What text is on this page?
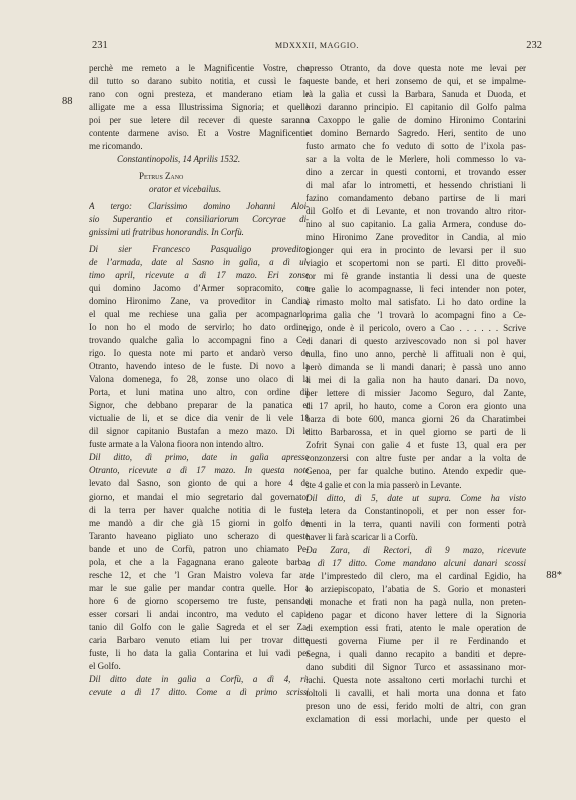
231	MDXXXII, MAGGIO.	232
88
88*
perchè me remeto a le Magnificentie Vostre, che
dil tutto so darano subito notitia, et cussì le fa-
rano con ogni presteza, et manderano etiam le
alligate me a essa Illustrissima Signoria; et quelle
poi per sue letere dil recever di queste saranno
contente darmene aviso. Et a Vostre Magnificentie
me ricomando.
Constantinopolis, 14 Aprilis 1532.
Petrus Zano
orator et vicebailus.
A tergo: Clarissimo domino Johanni Aloi-
sio Superantio et consiliariorum Corcyrae di-
gnissimi uti fratribus honorandis. In Corfù.
Di sier Francesco Pasqualigo proveditor
de l’armada, date al Sasno in galìa, a dì ul-
timo april, ricevute a dì 17 mazo. Eri zonse
qui domino Jacomo d’Armer sopracomito, con
domino Hironimo Zane, va proveditor in Candia,
el qual me rechiese una galìa per acompagnarlo.
Io non ho el modo de servirlo; ho dato ordine,
trovando qualche galìa lo accompagni fino a Ce-
rigo. Io questa note mi parto et andarò verso de
Otranto, havendo inteso de le fuste. Di novo a la
Valona domenega, fo 28, zonse uno olaco di la
Porta, et luni matina uno altro, con ordine dil
Signor, che debbano preparar de la panatica et
victualie de li, et se dice dia venir de li vele 18
dil signor capitanio Bustafan a mezo mazo. Di le
fuste armate a la Valona fioora non intendo altro.
Dil ditto, dì primo, date in galìa apresso
Otranto, ricevute a dì 17 mazo. In questa note
levato dal Sasno, son gionto de qui a hore 4 de
giorno, et mandai el mio segretario dal governator
di la terra per haver qualche notitia di le fuste;
me mandò a dir che già 15 giorni in golfo de
Taranto haveano pigliato uno scherazo di queste
bande et uno de Corfù, patron uno chiamato Pe-
pola, et che a la Fagagnana erano galeote barba-
resche 12, et che ’l Gran Maistro voleva far ar-
mar le sue galìe per mandar contra quelle. Hor a
hore 6 de giorno scopersemo tre fuste, pensando
esser corsari li andai incontro, ma veduto el capi-
tanio dil Golfo con le galìe Sagreda et el ser Za-
caria Barbaro venuto etiam lui per trovar ditte
fuste, li ho data la galìa Contarina et lui vadi per
el Golfo.
Dil ditto date in galìa a Corfù, a dì 4, ri-
cevute a dì 17 ditto. Come a dì primo scrissi
apresso Otranto, da dove questa note me levai per
queste bande, et heri zonsemo de qui, et se impalme-
rà la galìa et cussì la Barbara, Sanuda et Duoda, et
hozi daranno principio. El capitanio dil Golfo palma
a Caxoppo le galìe de domino Hironimo Contarini
et domino Bernardo Sagredo. Heri, sentito de uno
fusto armato che fo veduto di sotto de l’ixola pas-
sar a la volta de le Merlere, holi commesso lo va-
dino a zercar in questi contorni, et trovando esser
di mal afar lo intrometti, et hessendo christiani li
fazino comandamento debano partirse de li mari
dil Golfo et di Levante, et non trovando altro ritor-
nino al suo capitanio. La galìa Armera, conduse do-
mino Hironimo Zane proveditor in Candia, al mio
gionger qui era in procinto de levarsi per il suo
viagio et scopertomi non se parti. El ditto proveði-
tor mi fè grande instantia li dessi una de queste
tre galìe lo acompagnasse, li feci intender non poter,
è rimasto molto mal satisfato. Li ho dato ordine la
prima galìa che ’l trovarà lo acompagni fino a Ce-
rigo, onde è il pericolo, overo a Cao . . . . . . Scrive
di danari di questo arzivescovado non si pol haver
nulla, fino uno anno, perchè li affituali non è qui,
però dimanda se li mandi danari; è passà uno anno
li mei di la galìa non ha hauto danari. Da novo,
per lettere di missier Jacomo Seguro, dal Zante,
di 17 april, ho hauto, come a Coron era gionto una
barza di bote 600, manca giorni 26 da Charatimbei
ditto Barbarossa, et in quel giorno se parti de li
Zofrit Synai con galìe 4 et fuste 13, qual era per
conzonzersi con altre fuste per andar a la volta de
Genoa, per far qualche butino. Atendo expedir que-
ste 4 galìe et con la mia passerò in Levante.
Dil ditto, dì 5, date ut supra. Come ha visto
la letera da Constantinopoli, et per non esser for-
menti in la terra, quanti navili con formenti potrà
haver li farà scaricar li a Corfù.
Da Zara, di Rectori, dì 9 mazo, ricevute
a dì 17 ditto. Come mandano alcuni danari scossi
de l’imprestedo dil clero, ma el cardinal Egidio, ha
lo arziepiscopato, l’abatia de S. Gorio et monasteri
di monache et frati non ha pagà nulla, non preten-
deno pagar et dicono haver lettere di la Signoria
di exemption essi frati, atento le male operation de
questi governa Fiume per il re Ferdinando et
Segna, i quali danno recapito a banditi et depre-
dano subditi dil Signor Turco et assassinano mor-
lachi. Questa note assaltono certi morlachi turchi et
toltoli li cavalli, et hali morta una donna et fato
preson uno de essi, ferido molti de altri, con gran
exclamation di essi morlachi, unde per questo el
